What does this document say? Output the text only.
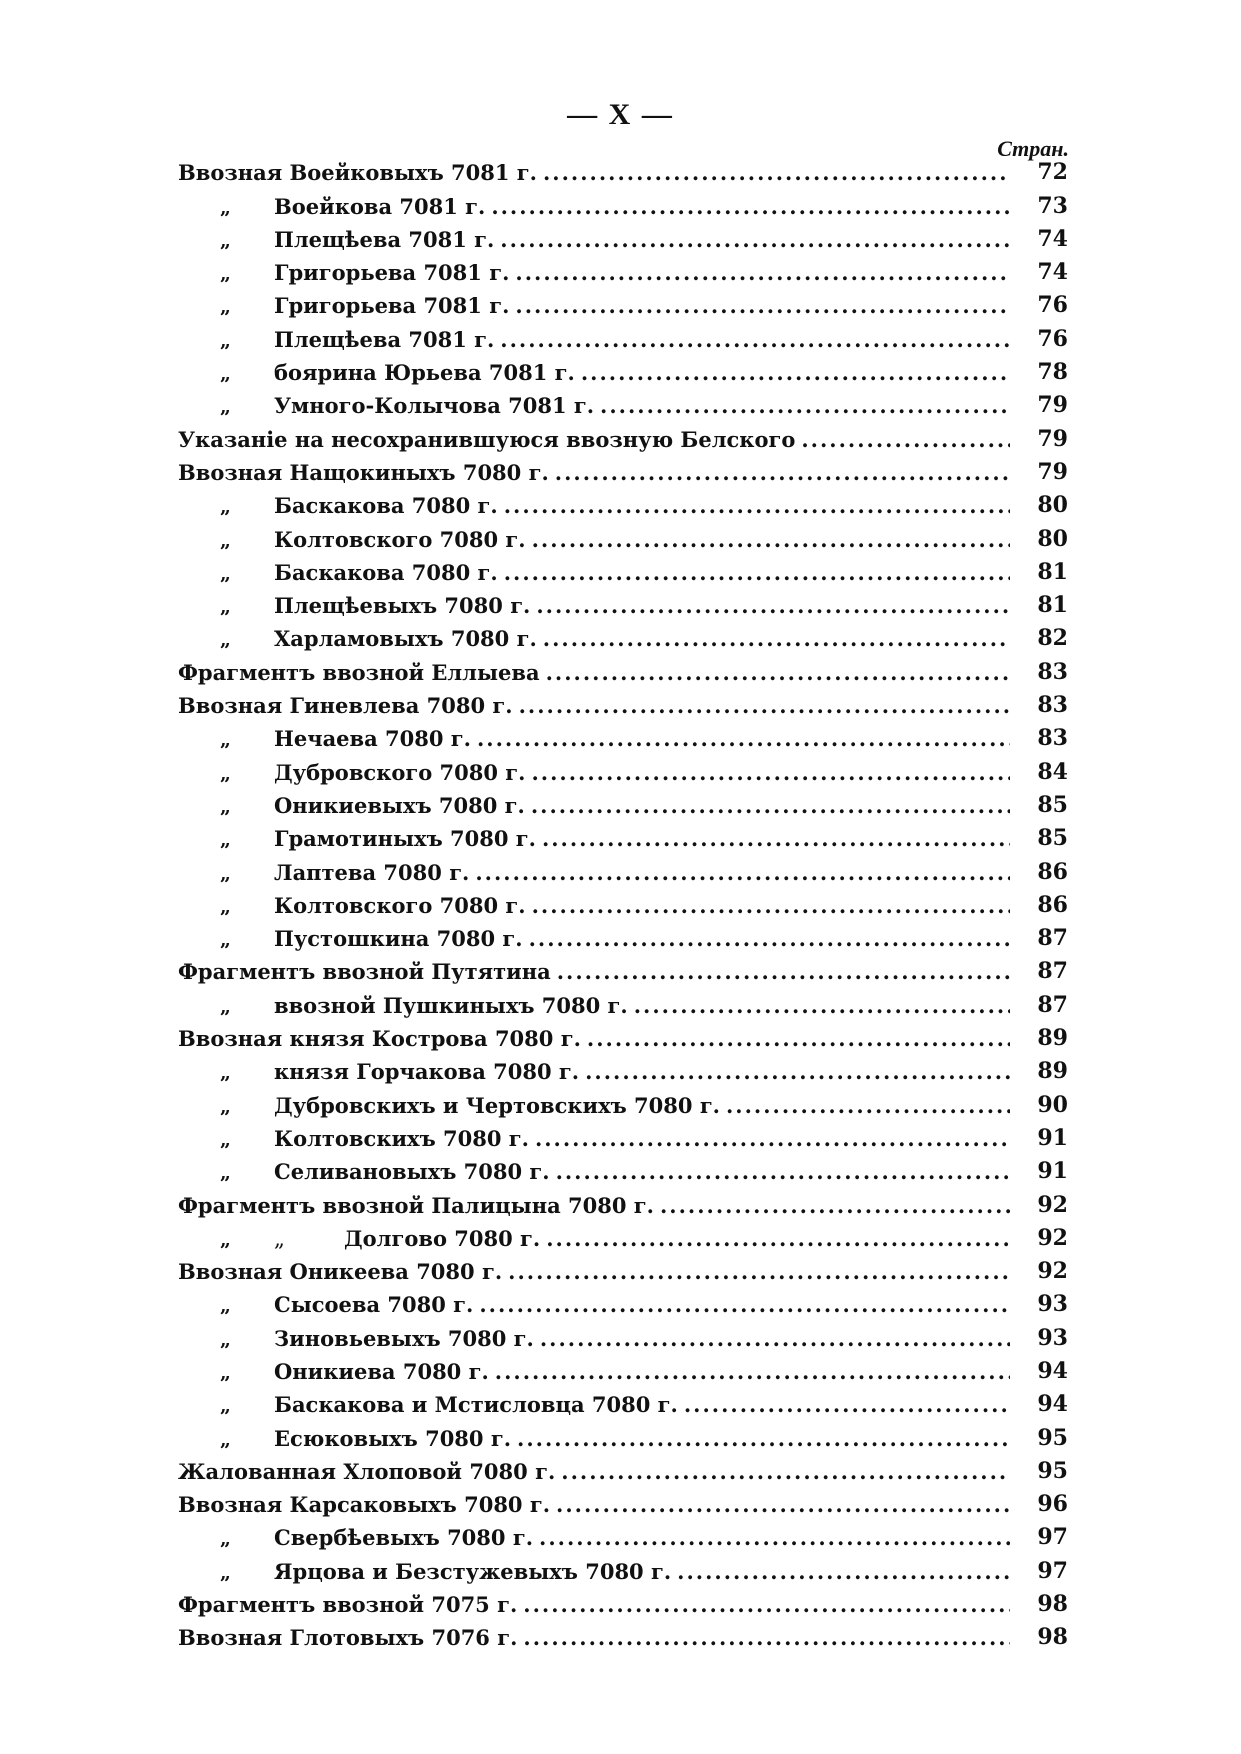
— X —
Стран.
Ввозная Воейковыхъ 7081 г. .....	72
„	Воейкова 7081 г. .....	73
„	Плещѣева 7081 г. .....	74
„	Григорьева 7081 г. .....	74
„	Григорьева 7081 г. .....	76
„	Плещѣева 7081 г. .....	76
„	боярина Юрьева 7081 г. .....	78
„	Умного-Колычова 7081 г. .....	79
Указаніе на несохранившуюся ввозную Белского .....	79
Ввозная Нащокиныхъ 7080 г. .....	79
„	Баскакова 7080 г. .....	80
„	Колтовского 7080 г. .....	80
„	Баскакова 7080 г. .....	81
„	Плещѣевыхъ 7080 г. .....	81
„	Харламовыхъ 7080 г. .....	82
Фрагментъ ввозной Еллыева .....	83
Ввозная Гиневлева 7080 г. .....	83
„	Нечаева 7080 г. .....	83
„	Дубровского 7080 г. .....	84
„	Оникиевыхъ 7080 г. .....	85
„	Грамотиныхъ 7080 г. .....	85
„	Лаптева 7080 г. .....	86
„	Колтовского 7080 г. .....	86
„	Пустошкина 7080 г. .....	87
Фрагментъ ввозной Путятина .....	87
„	ввозной Пушкиныхъ 7080 г. .....	87
Ввозная князя Кострова 7080 г. .....	89
„	князя Горчакова 7080 г. .....	89
„	Дубровскихъ и Чертовскихъ 7080 г. .....	90
„	Колтовскихъ 7080 г. .....	91
„	Селивановыхъ 7080 г. .....	91
Фрагментъ ввозной Палицына 7080 г. .....	92
„	„	Долгово 7080 г. .....	92
Ввозная Оникеева 7080 г. .....	92
„	Сысоева 7080 г. .....	93
„	Зиновьевыхъ 7080 г. .....	93
„	Оникиева 7080 г. .....	94
„	Баскакова и Мстисловца 7080 г. .....	94
„	Есюковыхъ 7080 г. .....	95
Жалованная Хлоповой 7080 г. .....	95
Ввозная Карсаковыхъ 7080 г. .....	96
„	Свербѣевыхъ 7080 г. .....	97
„	Ярцова и Безстужевыхъ 7080 г. .....	97
Фрагментъ ввозной 7075 г. .....	98
Ввозная Глотовыхъ 7076 г. .....	98
